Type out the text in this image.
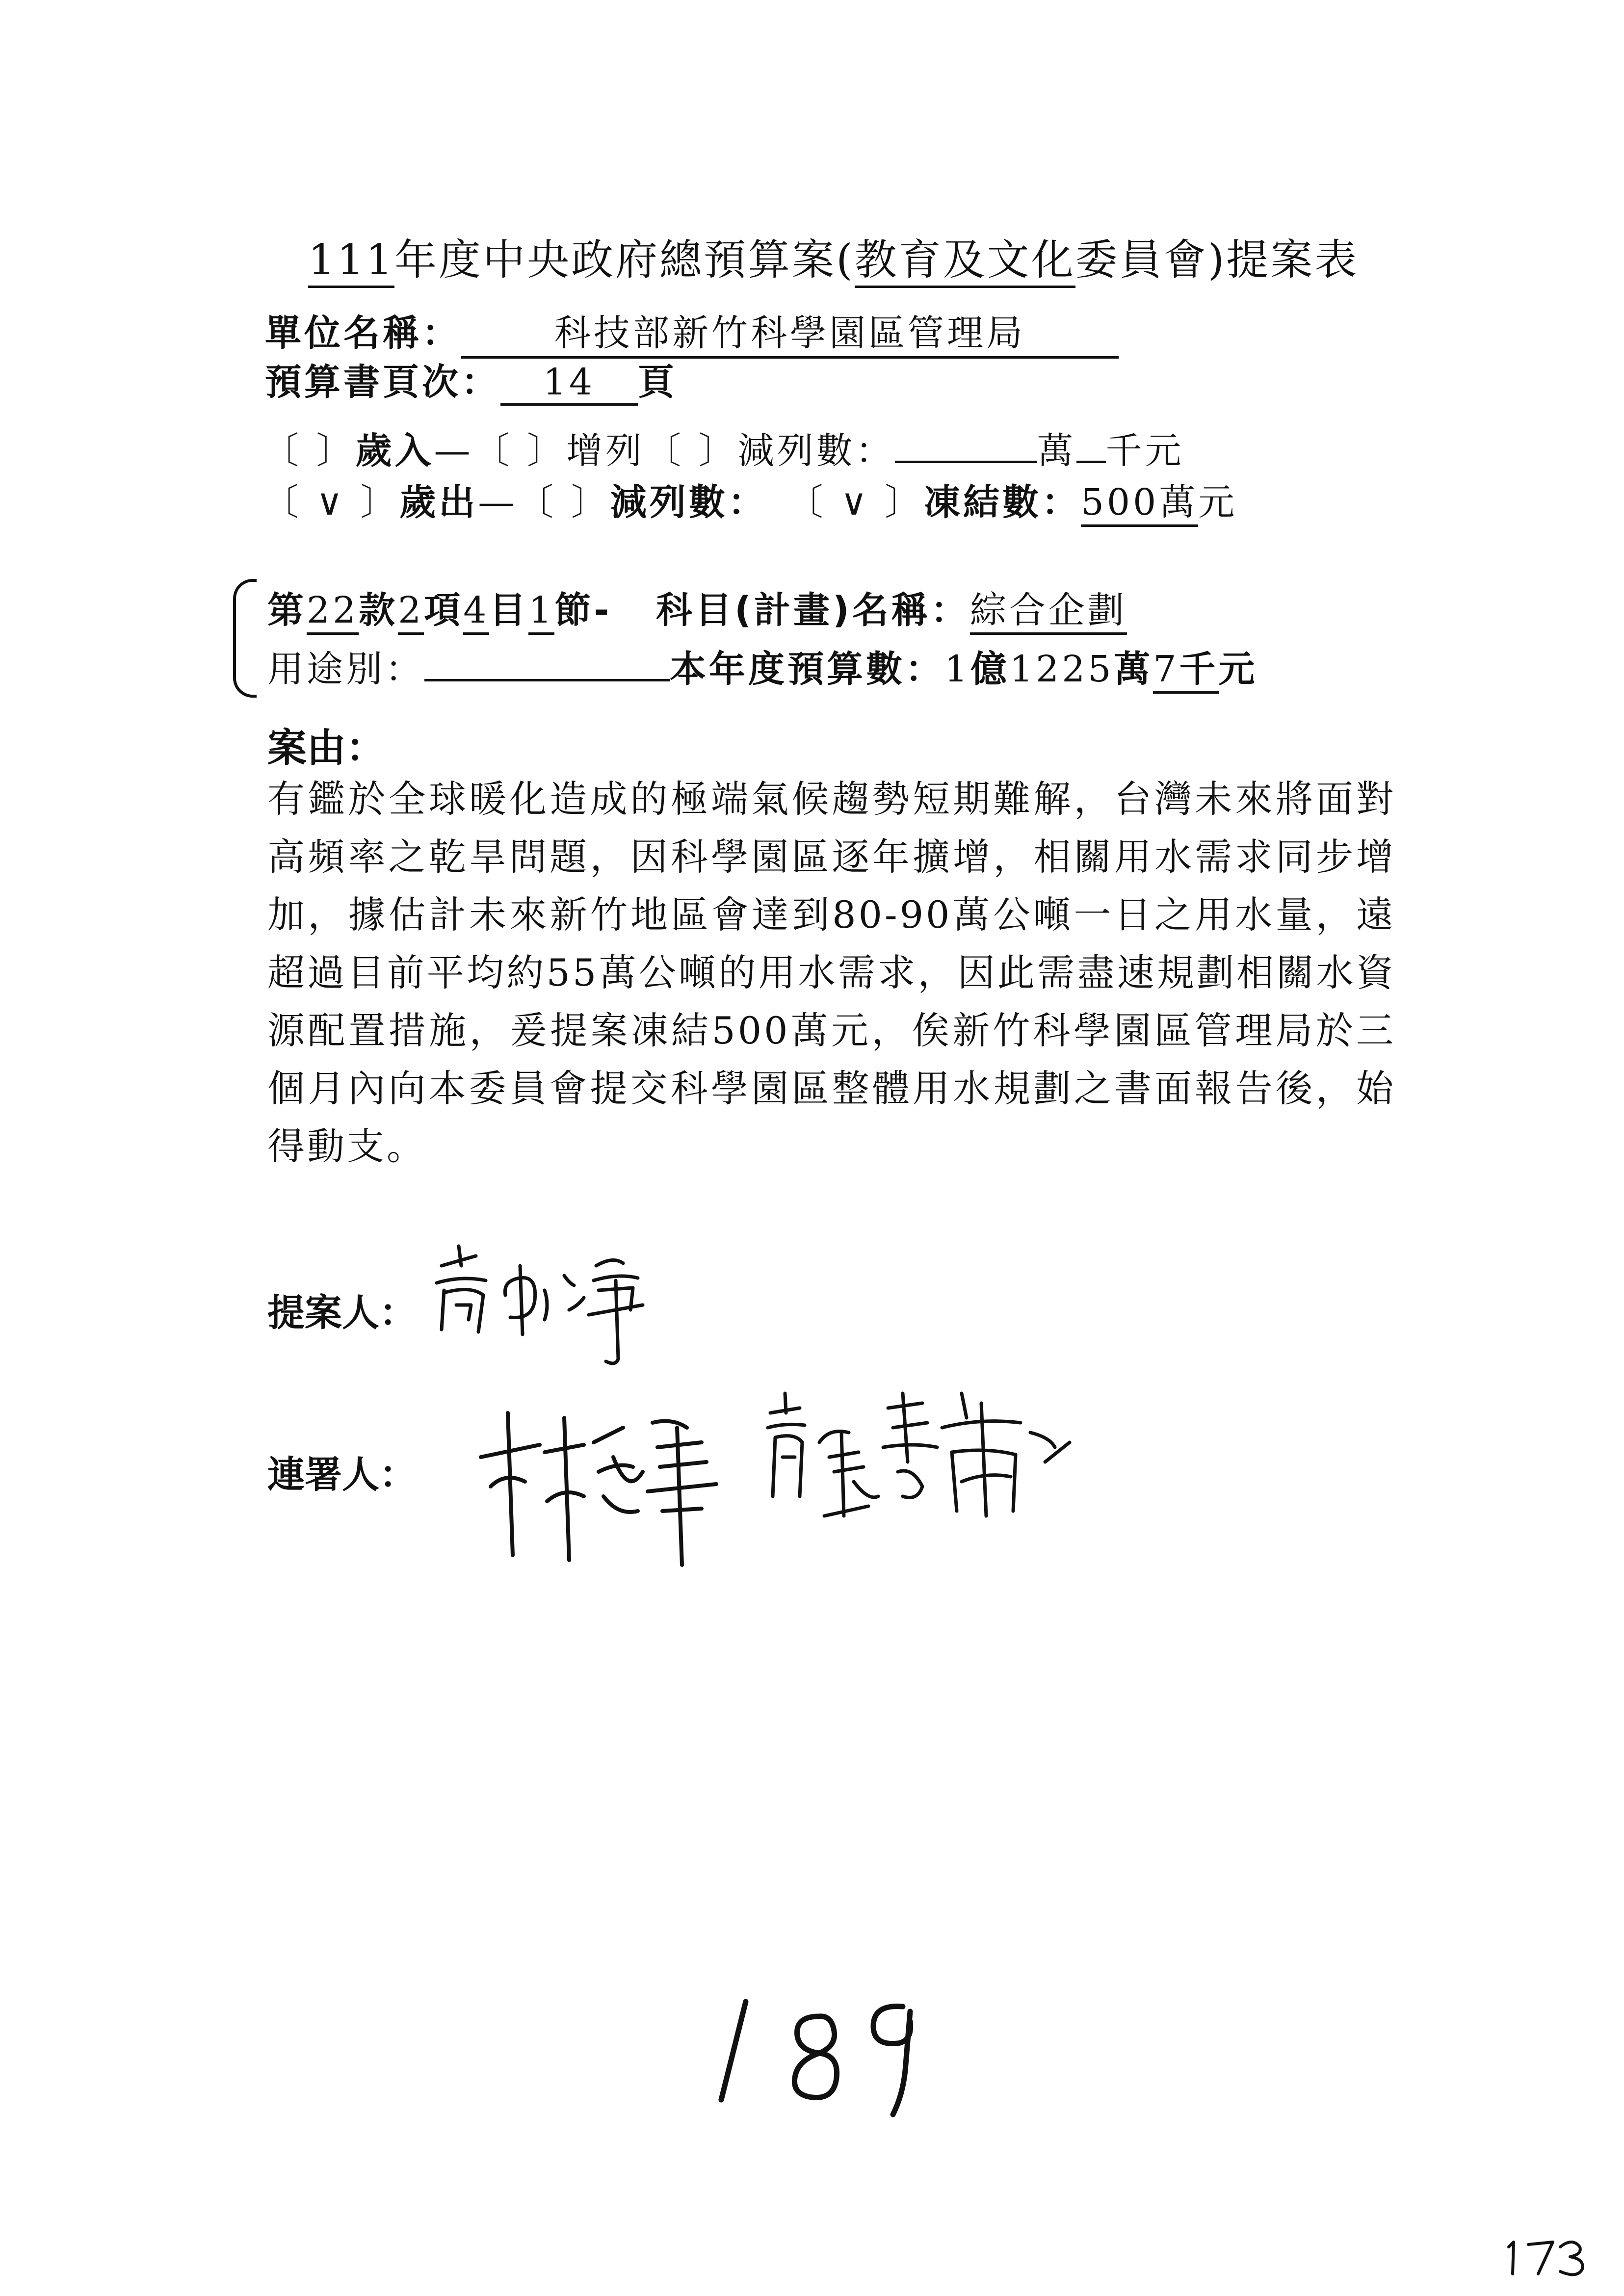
111年度中央政府總預算案(教育及文化委員會)提案表
單位名稱：	科技部新竹科學園區管理局
預算書頁次： 14 頁
〔 〕歲入—〔 〕增列〔 〕減列數：	萬 千元
〔 ∨ 〕歲出—〔 〕減列數： 〔 ∨ 〕凍結數：500萬元
第22款2項4目1節- 科目(計畫)名稱：綜合企劃
用途別：	本年度預算數：1億1225萬7千元
案由：
有鑑於全球暖化造成的極端氣候趨勢短期難解，台灣未來將面對高頻率之乾旱問題，因科學園區逐年擴增，相關用水需求同步增加，據估計未來新竹地區會達到80-90萬公噸一日之用水量，遠超過目前平均約55萬公噸的用水需求，因此需盡速規劃相關水資源配置措施，爰提案凍結500萬元，俟新竹科學園區管理局於三個月內向本委員會提交科學園區整體用水規劃之書面報告後，始得動支。
提案人：
連署人：
